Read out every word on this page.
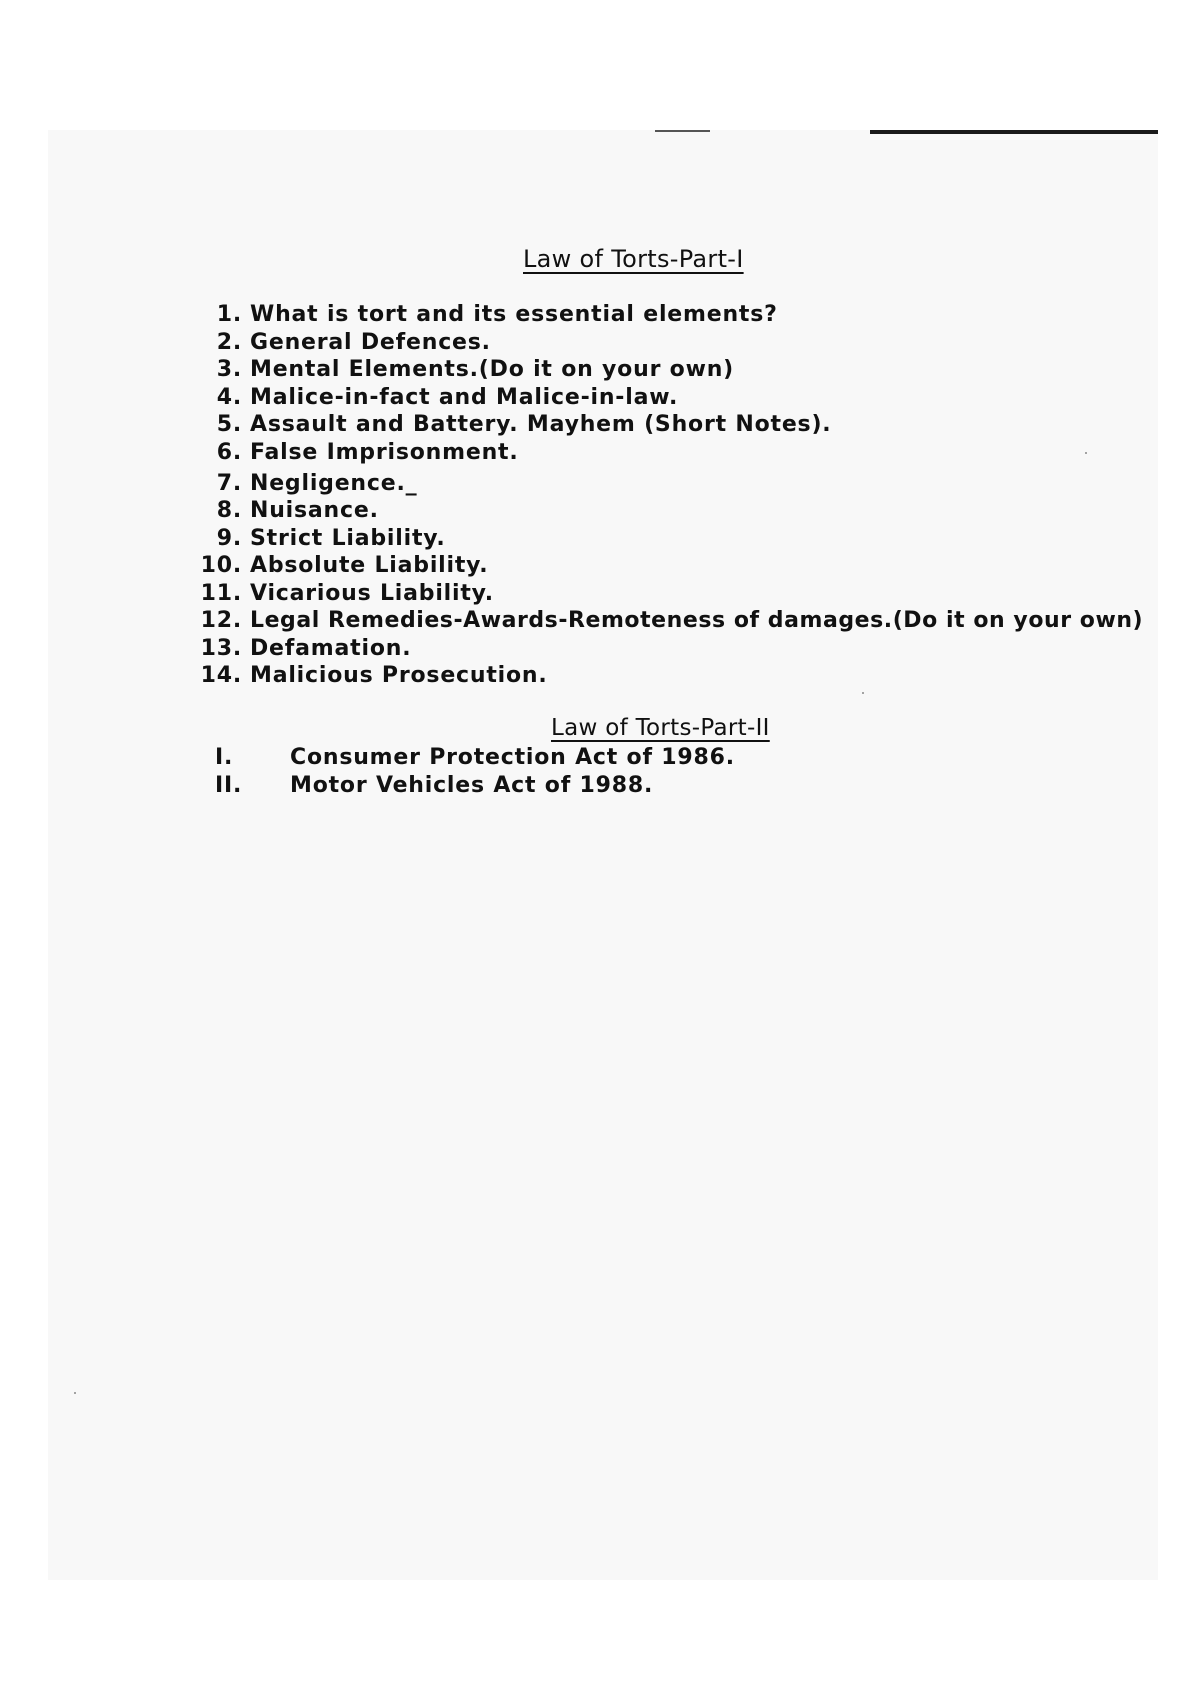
Law of Torts-Part-I
1. What is tort and its essential elements?
2. General Defences.
3. Mental Elements.(Do it on your own)
4. Malice-in-fact and Malice-in-law.
5. Assault and Battery. Mayhem (Short Notes).
6. False Imprisonment.
7. Negligence._
8. Nuisance.
9. Strict Liability.
10. Absolute Liability.
11. Vicarious Liability.
12. Legal Remedies-Awards-Remoteness of damages.(Do it on your own)
13. Defamation.
14. Malicious Prosecution.
Law of Torts-Part-II
I.	Consumer Protection Act of 1986.
II. Motor Vehicles Act of 1988.
